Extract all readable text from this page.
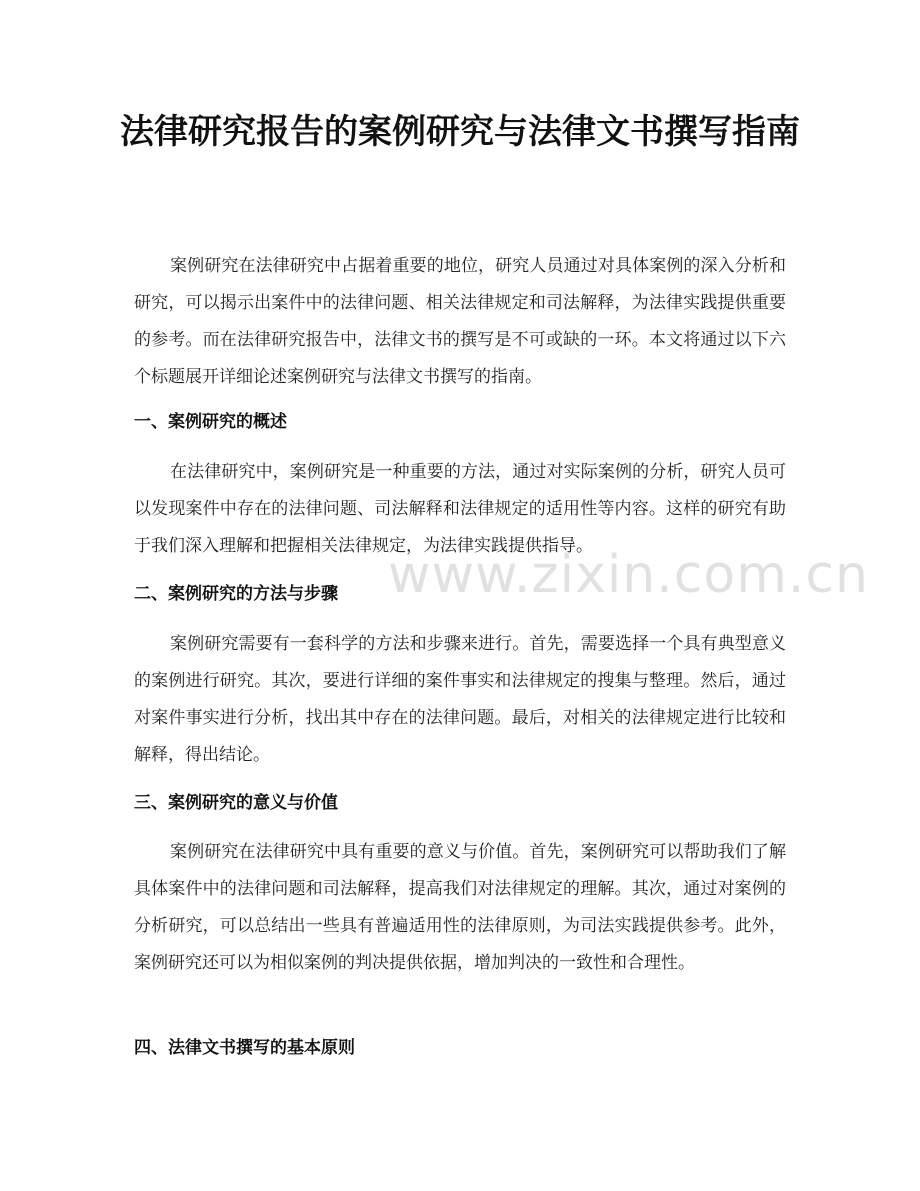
法律研究报告的案例研究与法律文书撰写指南

案例研究在法律研究中占据着重要的地位，研究人员通过对具体案例的深入分析和研究，可以揭示出案件中的法律问题、相关法律规定和司法解释，为法律实践提供重要的参考。而在法律研究报告中，法律文书的撰写是不可或缺的一环。本文将通过以下六个标题展开详细论述案例研究与法律文书撰写的指南。

一、案例研究的概述

在法律研究中，案例研究是一种重要的方法，通过对实际案例的分析，研究人员可以发现案件中存在的法律问题、司法解释和法律规定的适用性等内容。这样的研究有助于我们深入理解和把握相关法律规定，为法律实践提供指导。

二、案例研究的方法与步骤

案例研究需要有一套科学的方法和步骤来进行。首先，需要选择一个具有典型意义的案例进行研究。其次，要进行详细的案件事实和法律规定的搜集与整理。然后，通过对案件事实进行分析，找出其中存在的法律问题。最后，对相关的法律规定进行比较和解释，得出结论。

三、案例研究的意义与价值

案例研究在法律研究中具有重要的意义与价值。首先，案例研究可以帮助我们了解具体案件中的法律问题和司法解释，提高我们对法律规定的理解。其次，通过对案例的分析研究，可以总结出一些具有普遍适用性的法律原则，为司法实践提供参考。此外，案例研究还可以为相似案例的判决提供依据，增加判决的一致性和合理性。

四、法律文书撰写的基本原则
www.zixin.com.cn
